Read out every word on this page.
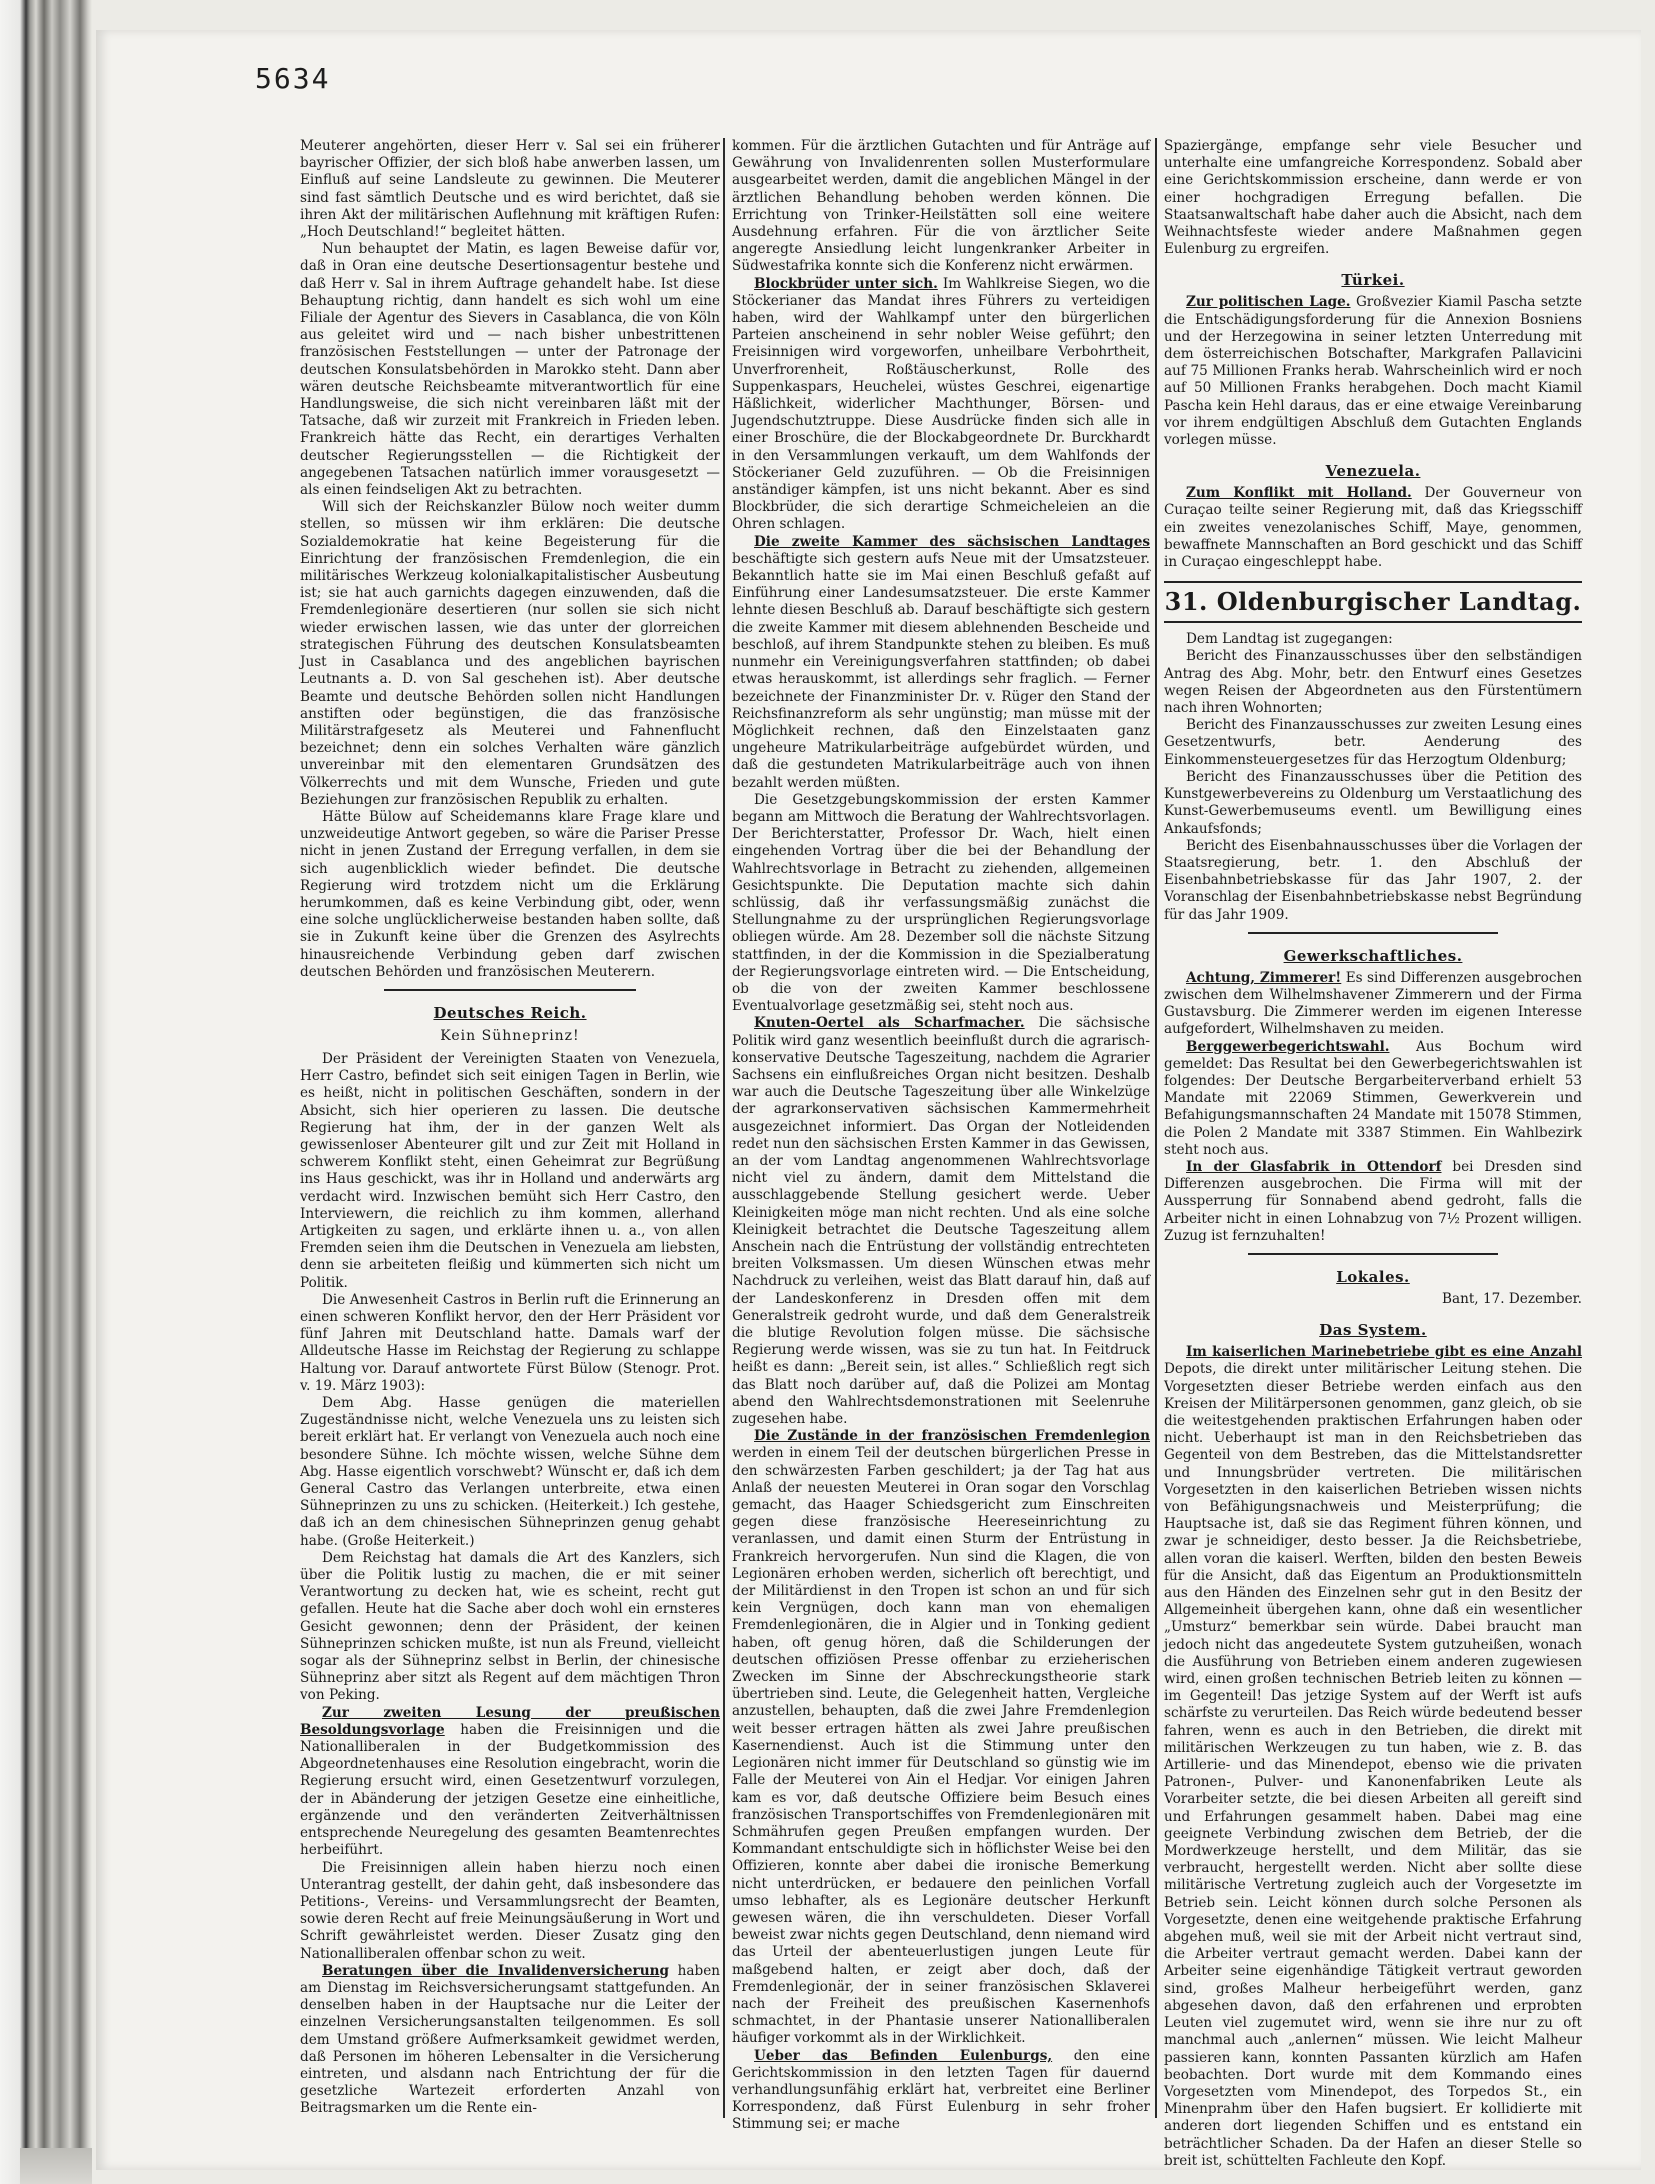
5634

Meuterer angehörten, dieser Herr v. Sal sei ein früherer bayrischer Offizier, der sich bloß habe anwerben lassen, um Einfluß auf seine Landsleute zu gewinnen. Die Meuterer sind fast sämtlich Deutsche und es wird berichtet, daß sie ihren Akt der militärischen Auflehnung mit kräftigen Rufen: „Hoch Deutschland!“ begleitet hätten.

Nun behauptet der Matin, es lagen Beweise dafür vor, daß in Oran eine deutsche Desertionsagentur bestehe und daß Herr v. Sal in ihrem Auftrage gehandelt habe. Ist diese Behauptung richtig, dann handelt es sich wohl um eine Filiale der Agentur des Sievers in Casablanca, die von Köln aus geleitet wird und — nach bisher unbestrittenen französischen Feststellungen — unter der Patronage der deutschen Konsulatsbehörden in Marokko steht. Dann aber wären deutsche Reichsbeamte mitverantwortlich für eine Handlungsweise, die sich nicht vereinbaren läßt mit der Tatsache, daß wir zurzeit mit Frankreich in Frieden leben. Frankreich hätte das Recht, ein derartiges Verhalten deutscher Regierungsstellen — die Richtigkeit der angegebenen Tatsachen natürlich immer vorausgesetzt — als einen feindseligen Akt zu betrachten.

Will sich der Reichskanzler Bülow noch weiter dumm stellen, so müssen wir ihm erklären: Die deutsche Sozialdemokratie hat keine Begeisterung für die Einrichtung der französischen Fremdenlegion, die ein militärisches Werkzeug kolonialkapitalistischer Ausbeutung ist; sie hat auch garnichts dagegen einzuwenden, daß die Fremdenlegionäre desertieren (nur sollen sie sich nicht wieder erwischen lassen, wie das unter der glorreichen strategischen Führung des deutschen Konsulatsbeamten Just in Casablanca und des angeblichen bayrischen Leutnants a. D. von Sal geschehen ist). Aber deutsche Beamte und deutsche Behörden sollen nicht Handlungen anstiften oder begünstigen, die das französische Militärstrafgesetz als Meuterei und Fahnenflucht bezeichnet; denn ein solches Verhalten wäre gänzlich unvereinbar mit den elementaren Grundsätzen des Völkerrechts und mit dem Wunsche, Frieden und gute Beziehungen zur französischen Republik zu erhalten.

Hätte Bülow auf Scheidemanns klare Frage klare und unzweideutige Antwort gegeben, so wäre die Pariser Presse nicht in jenen Zustand der Erregung verfallen, in dem sie sich augenblicklich wieder befindet. Die deutsche Regierung wird trotzdem nicht um die Erklärung herumkommen, daß es keine Verbindung gibt, oder, wenn eine solche unglücklicherweise bestanden haben sollte, daß sie in Zukunft keine über die Grenzen des Asylrechts hinausreichende Verbindung geben darf zwischen deutschen Behörden und französischen Meuterern.

Deutsches Reich.
Kein Sühneprinz!

Der Präsident der Vereinigten Staaten von Venezuela, Herr Castro, befindet sich seit einigen Tagen in Berlin, wie es heißt, nicht in politischen Geschäften, sondern in der Absicht, sich hier operieren zu lassen. Die deutsche Regierung hat ihm, der in der ganzen Welt als gewissenloser Abenteurer gilt und zur Zeit mit Holland in schwerem Konflikt steht, einen Geheimrat zur Begrüßung ins Haus geschickt, was ihr in Holland und anderwärts arg verdacht wird. Inzwischen bemüht sich Herr Castro, den Interviewern, die reichlich zu ihm kommen, allerhand Artigkeiten zu sagen, und erklärte ihnen u. a., von allen Fremden seien ihm die Deutschen in Venezuela am liebsten, denn sie arbeiteten fleißig und kümmerten sich nicht um Politik.

Die Anwesenheit Castros in Berlin ruft die Erinnerung an einen schweren Konflikt hervor, den der Herr Präsident vor fünf Jahren mit Deutschland hatte. Damals warf der Alldeutsche Hasse im Reichstag der Regierung zu schlappe Haltung vor. Darauf antwortete Fürst Bülow (Stenogr. Prot. v. 19. März 1903):

Dem Abg. Hasse genügen die materiellen Zugeständnisse nicht, welche Venezuela uns zu leisten sich bereit erklärt hat. Er verlangt von Venezuela auch noch eine besondere Sühne. Ich möchte wissen, welche Sühne dem Abg. Hasse eigentlich vorschwebt? Wünscht er, daß ich dem General Castro das Verlangen unterbreite, etwa einen Sühneprinzen zu uns zu schicken. (Heiterkeit.) Ich gestehe, daß ich an dem chinesischen Sühneprinzen genug gehabt habe. (Große Heiterkeit.)

Dem Reichstag hat damals die Art des Kanzlers, sich über die Politik lustig zu machen, die er mit seiner Verantwortung zu decken hat, wie es scheint, recht gut gefallen. Heute hat die Sache aber doch wohl ein ernsteres Gesicht gewonnen; denn der Präsident, der keinen Sühneprinzen schicken mußte, ist nun als Freund, vielleicht sogar als der Sühneprinz selbst in Berlin, der chinesische Sühneprinz aber sitzt als Regent auf dem mächtigen Thron von Peking.

Zur zweiten Lesung der preußischen Besoldungsvorlage haben die Freisinnigen und die Nationalliberalen in der Budgetkommission des Abgeordnetenhauses eine Resolution eingebracht, worin die Regierung ersucht wird, einen Gesetzentwurf vorzulegen, der in Abänderung der jetzigen Gesetze eine einheitliche, ergänzende und den veränderten Zeitverhältnissen entsprechende Neuregelung des gesamten Beamtenrechtes herbeiführt.

Die Freisinnigen allein haben hierzu noch einen Unterantrag gestellt, der dahin geht, daß insbesondere das Petitions-, Vereins- und Versammlungsrecht der Beamten, sowie deren Recht auf freie Meinungsäußerung in Wort und Schrift gewährleistet werden. Dieser Zusatz ging den Nationalliberalen offenbar schon zu weit.

Beratungen über die Invalidenversicherung haben am Dienstag im Reichsversicherungsamt stattgefunden. An denselben haben in der Hauptsache nur die Leiter der einzelnen Versicherungsanstalten teilgenommen. Es soll dem Umstand größere Aufmerksamkeit gewidmet werden, daß Personen im höheren Lebensalter in die Versicherung eintreten, und alsdann nach Entrichtung der für die gesetzliche Wartezeit erforderten Anzahl von Beitragsmarken um die Rente ein-

kommen. Für die ärztlichen Gutachten und für Anträge auf Gewährung von Invalidenrenten sollen Musterformulare ausgearbeitet werden, damit die angeblichen Mängel in der ärztlichen Behandlung behoben werden können. Die Errichtung von Trinker-Heilstätten soll eine weitere Ausdehnung erfahren. Für die von ärztlicher Seite angeregte Ansiedlung leicht lungenkranker Arbeiter in Südwestafrika konnte sich die Konferenz nicht erwärmen.

Blockbrüder unter sich. Im Wahlkreise Siegen, wo die Stöckerianer das Mandat ihres Führers zu verteidigen haben, wird der Wahlkampf unter den bürgerlichen Parteien anscheinend in sehr nobler Weise geführt; den Freisinnigen wird vorgeworfen, unheilbare Verbohrtheit, Unverfrorenheit, Roßtäuscherkunst, Rolle des Suppenkaspars, Heuchelei, wüstes Geschrei, eigenartige Häßlichkeit, widerlicher Machthunger, Börsen- und Jugendschutztruppe. Diese Ausdrücke finden sich alle in einer Broschüre, die der Blockabgeordnete Dr. Burckhardt in den Versammlungen verkauft, um dem Wahlfonds der Stöckerianer Geld zuzuführen. — Ob die Freisinnigen anständiger kämpfen, ist uns nicht bekannt. Aber es sind Blockbrüder, die sich derartige Schmeicheleien an die Ohren schlagen.

Die zweite Kammer des sächsischen Landtages beschäftigte sich gestern aufs Neue mit der Umsatzsteuer. Bekanntlich hatte sie im Mai einen Beschluß gefaßt auf Einführung einer Landesumsatzsteuer. Die erste Kammer lehnte diesen Beschluß ab. Darauf beschäftigte sich gestern die zweite Kammer mit diesem ablehnenden Bescheide und beschloß, auf ihrem Standpunkte stehen zu bleiben. Es muß nunmehr ein Vereinigungsverfahren stattfinden; ob dabei etwas herauskommt, ist allerdings sehr fraglich. — Ferner bezeichnete der Finanzminister Dr. v. Rüger den Stand der Reichsfinanzreform als sehr ungünstig; man müsse mit der Möglichkeit rechnen, daß den Einzelstaaten ganz ungeheure Matrikularbeiträge aufgebürdet würden, und daß die gestundeten Matrikularbeiträge auch von ihnen bezahlt werden müßten.

Die Gesetzgebungskommission der ersten Kammer begann am Mittwoch die Beratung der Wahlrechtsvorlagen. Der Berichterstatter, Professor Dr. Wach, hielt einen eingehenden Vortrag über die bei der Behandlung der Wahlrechtsvorlage in Betracht zu ziehenden, allgemeinen Gesichtspunkte. Die Deputation machte sich dahin schlüssig, daß ihr verfassungsmäßig zunächst die Stellungnahme zu der ursprünglichen Regierungsvorlage obliegen würde. Am 28. Dezember soll die nächste Sitzung stattfinden, in der die Kommission in die Spezialberatung der Regierungsvorlage eintreten wird. — Die Entscheidung, ob die von der zweiten Kammer beschlossene Eventualvorlage gesetzmäßig sei, steht noch aus.

Knuten-Oertel als Scharfmacher. Die sächsische Politik wird ganz wesentlich beeinflußt durch die agrarisch-konservative Deutsche Tageszeitung, nachdem die Agrarier Sachsens ein einflußreiches Organ nicht besitzen. Deshalb war auch die Deutsche Tageszeitung über alle Winkelzüge der agrarkonservativen sächsischen Kammermehrheit ausgezeichnet informiert. Das Organ der Notleidenden redet nun den sächsischen Ersten Kammer in das Gewissen, an der vom Landtag angenommenen Wahlrechtsvorlage nicht viel zu ändern, damit dem Mittelstand die ausschlaggebende Stellung gesichert werde. Ueber Kleinigkeiten möge man nicht rechten. Und als eine solche Kleinigkeit betrachtet die Deutsche Tageszeitung allem Anschein nach die Entrüstung der vollständig entrechteten breiten Volksmassen. Um diesen Wünschen etwas mehr Nachdruck zu verleihen, weist das Blatt darauf hin, daß auf der Landeskonferenz in Dresden offen mit dem Generalstreik gedroht wurde, und daß dem Generalstreik die blutige Revolution folgen müsse. Die sächsische Regierung werde wissen, was sie zu tun hat. In Feitdruck heißt es dann: „Bereit sein, ist alles.“ Schließlich regt sich das Blatt noch darüber auf, daß die Polizei am Montag abend den Wahlrechtsdemonstrationen mit Seelenruhe zugesehen habe.

Die Zustände in der französischen Fremdenlegion werden in einem Teil der deutschen bürgerlichen Presse in den schwärzesten Farben geschildert; ja der Tag hat aus Anlaß der neuesten Meuterei in Oran sogar den Vorschlag gemacht, das Haager Schiedsgericht zum Einschreiten gegen diese französische Heereseinrichtung zu veranlassen, und damit einen Sturm der Entrüstung in Frankreich hervorgerufen. Nun sind die Klagen, die von Legionären erhoben werden, sicherlich oft berechtigt, und der Militärdienst in den Tropen ist schon an und für sich kein Vergnügen, doch kann man von ehemaligen Fremdenlegionären, die in Algier und in Tonking gedient haben, oft genug hören, daß die Schilderungen der deutschen offiziösen Presse offenbar zu erzieherischen Zwecken im Sinne der Abschreckungstheorie stark übertrieben sind. Leute, die Gelegenheit hatten, Vergleiche anzustellen, behaupten, daß die zwei Jahre Fremdenlegion weit besser ertragen hätten als zwei Jahre preußischen Kasernendienst. Auch ist die Stimmung unter den Legionären nicht immer für Deutschland so günstig wie im Falle der Meuterei von Ain el Hedjar. Vor einigen Jahren kam es vor, daß deutsche Offiziere beim Besuch eines französischen Transportschiffes von Fremdenlegionären mit Schmährufen gegen Preußen empfangen wurden. Der Kommandant entschuldigte sich in höflichster Weise bei den Offizieren, konnte aber dabei die ironische Bemerkung nicht unterdrücken, er bedauere den peinlichen Vorfall umso lebhafter, als es Legionäre deutscher Herkunft gewesen wären, die ihn verschuldeten. Dieser Vorfall beweist zwar nichts gegen Deutschland, denn niemand wird das Urteil der abenteuerlustigen jungen Leute für maßgebend halten, er zeigt aber doch, daß der Fremdenlegionär, der in seiner französischen Sklaverei nach der Freiheit des preußischen Kasernenhofs schmachtet, in der Phantasie unserer Nationalliberalen häufiger vorkommt als in der Wirklichkeit.

Ueber das Befinden Eulenburgs, den eine Gerichtskommission in den letzten Tagen für dauernd verhandlungsunfähig erklärt hat, verbreitet eine Berliner Korrespondenz, daß Fürst Eulenburg in sehr froher Stimmung sei; er mache

Spaziergänge, empfange sehr viele Besucher und unterhalte eine umfangreiche Korrespondenz. Sobald aber eine Gerichtskommission erscheine, dann werde er von einer hochgradigen Erregung befallen. Die Staatsanwaltschaft habe daher auch die Absicht, nach dem Weihnachtsfeste wieder andere Maßnahmen gegen Eulenburg zu ergreifen.

Türkei.

Zur politischen Lage. Großvezier Kiamil Pascha setzte die Entschädigungsforderung für die Annexion Bosniens und der Herzegowina in seiner letzten Unterredung mit dem österreichischen Botschafter, Markgrafen Pallavicini auf 75 Millionen Franks herab. Wahrscheinlich wird er noch auf 50 Millionen Franks herabgehen. Doch macht Kiamil Pascha kein Hehl daraus, das er eine etwaige Vereinbarung vor ihrem endgültigen Abschluß dem Gutachten Englands vorlegen müsse.

Venezuela.

Zum Konflikt mit Holland. Der Gouverneur von Curaçao teilte seiner Regierung mit, daß das Kriegsschiff ein zweites venezolanisches Schiff, Maye, genommen, bewaffnete Mannschaften an Bord geschickt und das Schiff in Curaçao eingeschleppt habe.

31. Oldenburgischer Landtag.

Dem Landtag ist zugegangen:

Bericht des Finanzausschusses über den selbständigen Antrag des Abg. Mohr, betr. den Entwurf eines Gesetzes wegen Reisen der Abgeordneten aus den Fürstentümern nach ihren Wohnorten;

Bericht des Finanzausschusses zur zweiten Lesung eines Gesetzentwurfs, betr. Aenderung des Einkommensteuergesetzes für das Herzogtum Oldenburg;

Bericht des Finanzausschusses über die Petition des Kunstgewerbevereins zu Oldenburg um Verstaatlichung des Kunst-Gewerbemuseums eventl. um Bewilligung eines Ankaufsfonds;

Bericht des Eisenbahnausschusses über die Vorlagen der Staatsregierung, betr. 1. den Abschluß der Eisenbahnbetriebskasse für das Jahr 1907, 2. der Voranschlag der Eisenbahnbetriebskasse nebst Begründung für das Jahr 1909.

Gewerkschaftliches.

Achtung, Zimmerer! Es sind Differenzen ausgebrochen zwischen dem Wilhelmshavener Zimmerern und der Firma Gustavsburg. Die Zimmerer werden im eigenen Interesse aufgefordert, Wilhelmshaven zu meiden.

Berggewerbegerichtswahl. Aus Bochum wird gemeldet: Das Resultat bei den Gewerbegerichtswahlen ist folgendes: Der Deutsche Bergarbeiterverband erhielt 53 Mandate mit 22069 Stimmen, Gewerkverein und Befahigungsmannschaften 24 Mandate mit 15078 Stimmen, die Polen 2 Mandate mit 3387 Stimmen. Ein Wahlbezirk steht noch aus.

In der Glasfabrik in Ottendorf bei Dresden sind Differenzen ausgebrochen. Die Firma will mit der Aussperrung für Sonnabend abend gedroht, falls die Arbeiter nicht in einen Lohnabzug von 7½ Prozent willigen. Zuzug ist fernzuhalten!

Lokales.
Bant, 17. Dezember.
Das System.

Im kaiserlichen Marinebetriebe gibt es eine Anzahl Depots, die direkt unter militärischer Leitung stehen. Die Vorgesetzten dieser Betriebe werden einfach aus den Kreisen der Militärpersonen genommen, ganz gleich, ob sie die weitestgehenden praktischen Erfahrungen haben oder nicht. Ueberhaupt ist man in den Reichsbetrieben das Gegenteil von dem Bestreben, das die Mittelstandsretter und Innungsbrüder vertreten. Die militärischen Vorgesetzten in den kaiserlichen Betrieben wissen nichts von Befähigungsnachweis und Meisterprüfung; die Hauptsache ist, daß sie das Regiment führen können, und zwar je schneidiger, desto besser. Ja die Reichsbetriebe, allen voran die kaiserl. Werften, bilden den besten Beweis für die Ansicht, daß das Eigentum an Produktionsmitteln aus den Händen des Einzelnen sehr gut in den Besitz der Allgemeinheit übergehen kann, ohne daß ein wesentlicher „Umsturz“ bemerkbar sein würde. Dabei braucht man jedoch nicht das angedeutete System gutzuheißen, wonach die Ausführung von Betrieben einem anderen zugewiesen wird, einen großen technischen Betrieb leiten zu können — im Gegenteil! Das jetzige System auf der Werft ist aufs schärfste zu verurteilen. Das Reich würde bedeutend besser fahren, wenn es auch in den Betrieben, die direkt mit militärischen Werkzeugen zu tun haben, wie z. B. das Artillerie- und das Minendepot, ebenso wie die privaten Patronen-, Pulver- und Kanonenfabriken Leute als Vorarbeiter setzte, die bei diesen Arbeiten all gereift sind und Erfahrungen gesammelt haben. Dabei mag eine geeignete Verbindung zwischen dem Betrieb, der die Mordwerkzeuge herstellt, und dem Militär, das sie verbraucht, hergestellt werden. Nicht aber sollte diese militärische Vertretung zugleich auch der Vorgesetzte im Betrieb sein. Leicht können durch solche Personen als Vorgesetzte, denen eine weitgehende praktische Erfahrung abgehen muß, weil sie mit der Arbeit nicht vertraut sind, die Arbeiter vertraut gemacht werden. Dabei kann der Arbeiter seine eigenhändige Tätigkeit vertraut geworden sind, großes Malheur herbeigeführt werden, ganz abgesehen davon, daß den erfahrenen und erprobten Leuten viel zugemutet wird, wenn sie ihre nur zu oft manchmal auch „anlernen“ müssen. Wie leicht Malheur passieren kann, konnten Passanten kürzlich am Hafen beobachten. Dort wurde mit dem Kommando eines Vorgesetzten vom Minendepot, des Torpedos St., ein Minenprahm über den Hafen bugsiert. Er kollidierte mit anderen dort liegenden Schiffen und es entstand ein beträchtlicher Schaden. Da der Hafen an dieser Stelle so breit ist, schüttelten Fachleute den Kopf.
